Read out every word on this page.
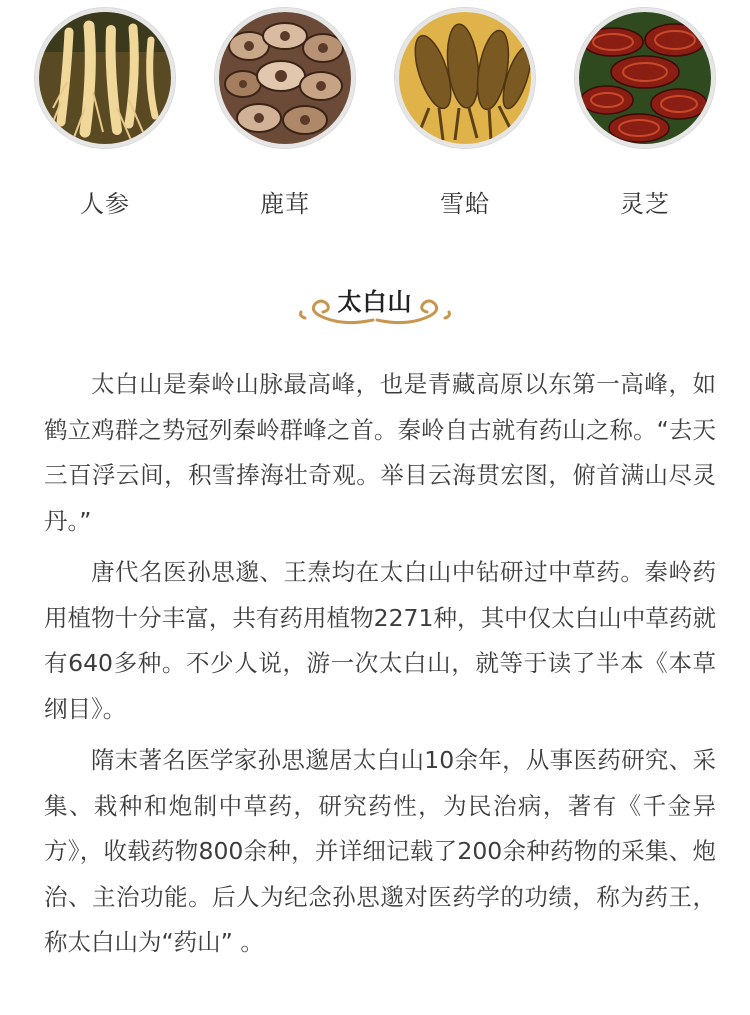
人参	鹿茸	雪蛤	灵芝
太白山

太白山是秦岭山脉最高峰，也是青藏高原以东第一高峰，如鹤立鸡群之势冠列秦岭群峰之首。秦岭自古就有药山之称。“去天三百浮云间，积雪捧海壮奇观。举目云海贯宏图，俯首满山尽灵丹。”

唐代名医孙思邈、王焘均在太白山中钻研过中草药。秦岭药用植物十分丰富，共有药用植物2271种，其中仅太白山中草药就有640多种。不少人说，游一次太白山，就等于读了半本《本草纲目》。

隋末著名医学家孙思邈居太白山10余年，从事医药研究、采集、栽种和炮制中草药，研究药性，为民治病，著有《千金异方》，收载药物800余种，并详细记载了200余种药物的采集、炮治、主治功能。后人为纪念孙思邈对医药学的功绩，称为药王，称太白山为“药山” 。
